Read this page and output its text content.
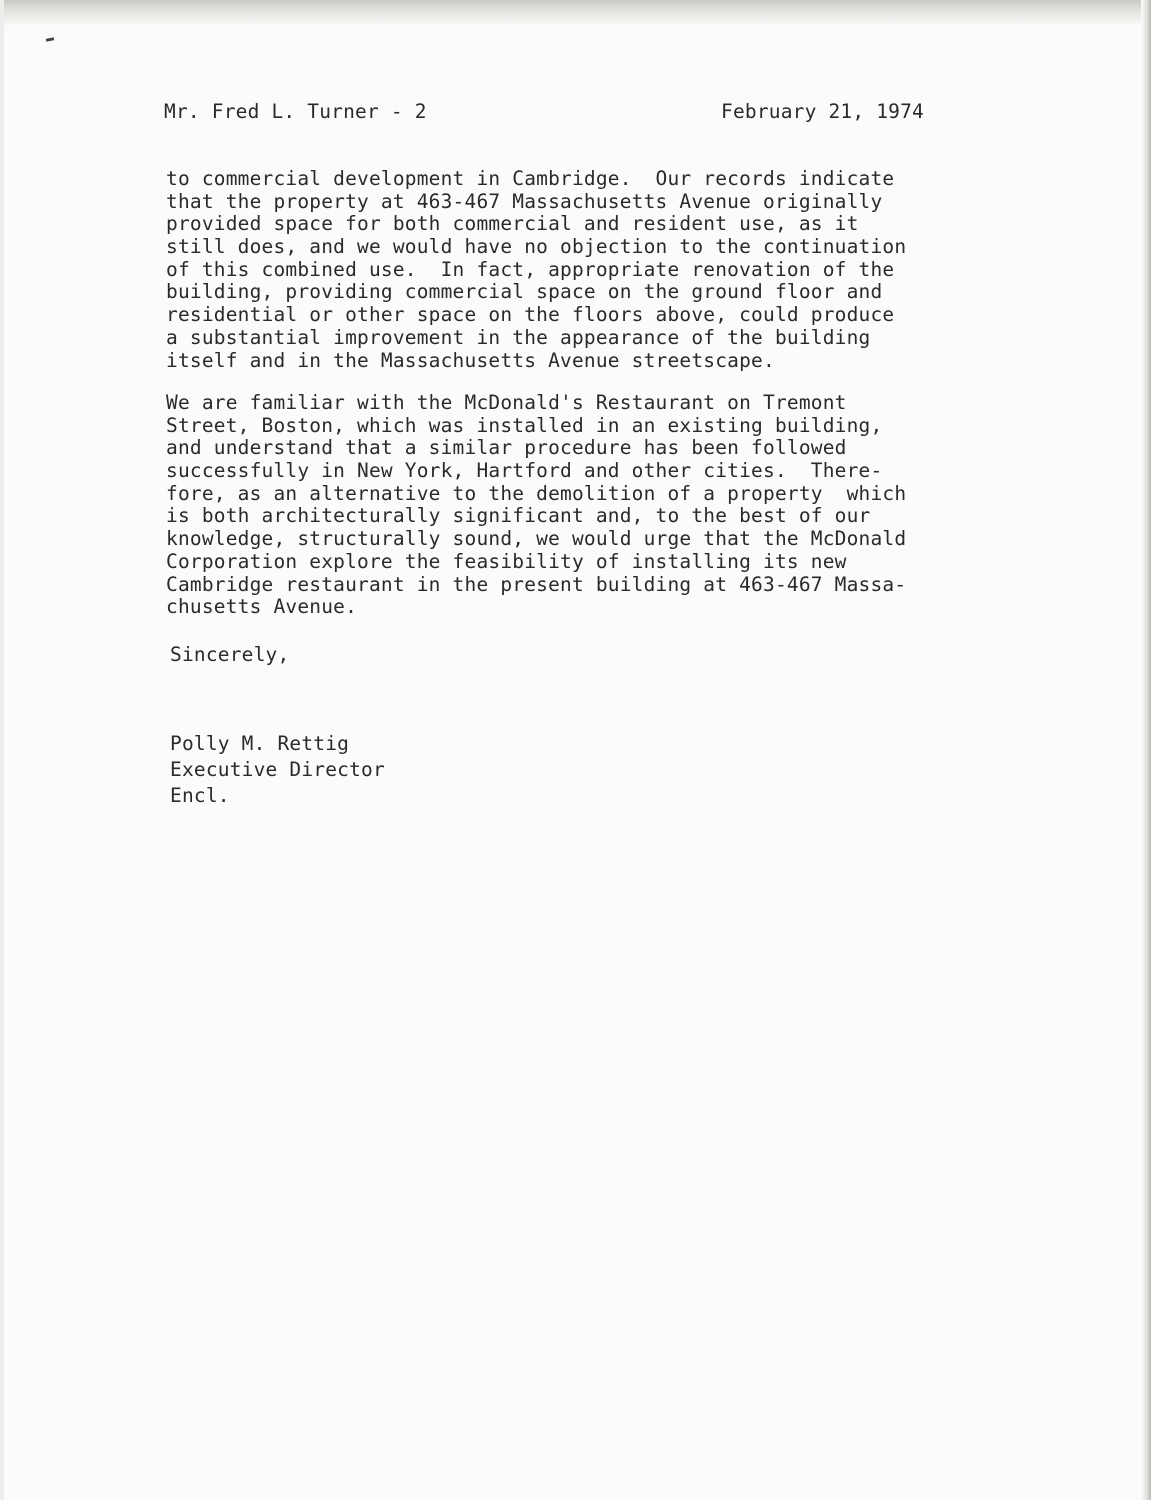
Mr. Fred L. Turner - 2	February 21, 1974
to commercial development in Cambridge.  Our records indicate
that the property at 463-467 Massachusetts Avenue originally
provided space for both commercial and resident use, as it
still does, and we would have no objection to the continuation
of this combined use.  In fact, appropriate renovation of the
building, providing commercial space on the ground floor and
residential or other space on the floors above, could produce
a substantial improvement in the appearance of the building
itself and in the Massachusetts Avenue streetscape.
We are familiar with the McDonald's Restaurant on Tremont
Street, Boston, which was installed in an existing building,
and understand that a similar procedure has been followed
successfully in New York, Hartford and other cities.  There-
fore, as an alternative to the demolition of a property  which
is both architecturally significant and, to the best of our
knowledge, structurally sound, we would urge that the McDonald
Corporation explore the feasibility of installing its new
Cambridge restaurant in the present building at 463-467 Massa-
chusetts Avenue.
Sincerely,
Polly M. Rettig
Executive Director
Encl.
